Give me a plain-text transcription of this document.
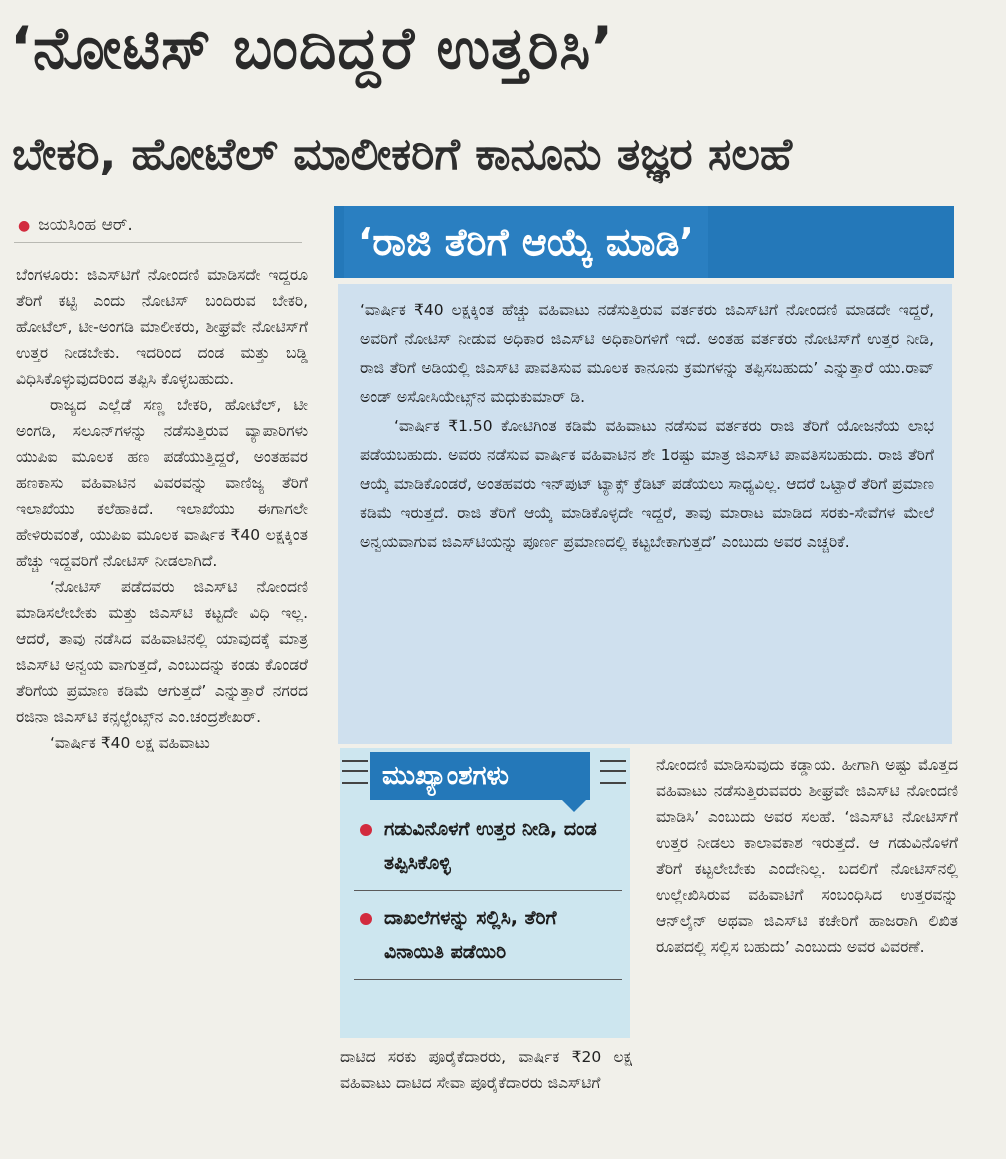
‘ನೋಟಿಸ್ ಬಂದಿದ್ದರೆ ಉತ್ತರಿಸಿ’
ಬೇಕರಿ, ಹೋಟೆಲ್ ಮಾಲೀಕರಿಗೆ ಕಾನೂನು ತಜ್ಞರ ಸಲಹೆ
● ಜಯಸಿಂಹ ಆರ್.

ಬೆಂಗಳೂರು: ಜಿಎಸ್‌ಟಿಗೆ ನೋಂದಣಿ ಮಾಡಿಸದೇ ಇದ್ದರೂ ತೆರಿಗೆ ಕಟ್ಟಿ ಎಂದು ನೋಟಿಸ್ ಬಂದಿರುವ ಬೇಕರಿ, ಹೋಟೆಲ್, ಟೀ-ಅಂಗಡಿ ಮಾಲೀಕರು, ಶೀಘ್ರವೇ ನೋಟಿಸ್‌ಗೆ ಉತ್ತರ ನೀಡಬೇಕು. ಇದರಿಂದ ದಂಡ ಮತ್ತು ಬಡ್ಡಿ ವಿಧಿಸಿಕೊಳ್ಳುವುದರಿಂದ ತಪ್ಪಿಸಿ ಕೊಳ್ಳಬಹುದು.

ರಾಜ್ಯದ ಎಲ್ಲೆಡೆ ಸಣ್ಣ ಬೇಕರಿ, ಹೋಟೆಲ್, ಟೀ ಅಂಗಡಿ, ಸಲೂನ್‌ಗಳನ್ನು ನಡೆಸುತ್ತಿರುವ ವ್ಯಾಪಾರಿಗಳು ಯುಪಿಐ ಮೂಲಕ ಹಣ ಪಡೆಯುತ್ತಿದ್ದರೆ, ಅಂತಹವರ ಹಣಕಾಸು ವಹಿವಾಟಿನ ವಿವರವನ್ನು ವಾಣಿಜ್ಯ ತೆರಿಗೆ ಇಲಾಖೆಯು ಕಲೆಹಾಕಿದೆ. ಇಲಾಖೆಯು ಈಗಾಗಲೇ ಹೇಳಿರುವಂತೆ, ಯುಪಿಐ ಮೂಲಕ ವಾರ್ಷಿಕ ₹40 ಲಕ್ಷಕ್ಕಿಂತ ಹೆಚ್ಚು ಇದ್ದವರಿಗೆ ನೋಟಿಸ್ ನೀಡಲಾಗಿದೆ.

‘ನೋಟಿಸ್ ಪಡೆದವರು ಜಿಎಸ್‌ಟಿ ನೋಂದಣಿ ಮಾಡಿಸಲೇಬೇಕು ಮತ್ತು ಜಿಎಸ್‌ಟಿ ಕಟ್ಟದೇ ವಿಧಿ ಇಲ್ಲ. ಆದರೆ, ತಾವು ನಡೆಸಿದ ವಹಿವಾಟಿನಲ್ಲಿ ಯಾವುದಕ್ಕೆ ಮಾತ್ರ ಜಿಎಸ್‌ಟಿ ಅನ್ವಯ ವಾಗುತ್ತದೆ, ಎಂಬುದನ್ನು ಕಂಡು ಕೊಂಡರೆ ತೆರಿಗೆಯ ಪ್ರಮಾಣ ಕಡಿಮೆ ಆಗುತ್ತದೆ’ ಎನ್ನುತ್ತಾರೆ ನಗರದ ರಜಿನಾ ಜಿಎಸ್‌ಟಿ ಕನ್ಸಲ್ಟೆಂಟ್ಸ್‌ನ ಎಂ.ಚಂದ್ರಶೇಖರ್.

‘ವಾರ್ಷಿಕ ₹40 ಲಕ್ಷ ವಹಿವಾಟು

‘ರಾಜಿ ತೆರಿಗೆ ಆಯ್ಕೆ ಮಾಡಿ’

‘ವಾರ್ಷಿಕ ₹40 ಲಕ್ಷಕ್ಕಿಂತ ಹೆಚ್ಚು ವಹಿವಾಟು ನಡೆಸುತ್ತಿರುವ ವರ್ತಕರು ಜಿಎಸ್‌ಟಿಗೆ ನೋಂದಣಿ ಮಾಡದೇ ಇದ್ದರೆ, ಅವರಿಗೆ ನೋಟಿಸ್ ನೀಡುವ ಅಧಿಕಾರ ಜಿಎಸ್‌ಟಿ ಅಧಿಕಾರಿಗಳಿಗೆ ಇದೆ. ಅಂತಹ ವರ್ತಕರು ನೋಟಿಸ್‌ಗೆ ಉತ್ತರ ನೀಡಿ, ರಾಜಿ ತೆರಿಗೆ ಅಡಿಯಲ್ಲಿ ಜಿಎಸ್‌ಟಿ ಪಾವತಿಸುವ ಮೂಲಕ ಕಾನೂನು ಕ್ರಮಗಳನ್ನು ತಪ್ಪಿಸಬಹುದು’ ಎನ್ನುತ್ತಾರೆ ಯು.ರಾವ್ ಅಂಡ್ ಅಸೋಸಿಯೇಟ್ಸ್‌ನ ಮಧುಕುಮಾರ್ ಡಿ.

‘ವಾರ್ಷಿಕ ₹1.50 ಕೋಟಿಗಿಂತ ಕಡಿಮೆ ವಹಿವಾಟು ನಡೆಸುವ ವರ್ತಕರು ರಾಜಿ ತೆರಿಗೆ ಯೋಜನೆಯ ಲಾಭ ಪಡೆಯಬಹುದು. ಅವರು ನಡೆಸುವ ವಾರ್ಷಿಕ ವಹಿವಾಟಿನ ಶೇ 1ರಷ್ಟು ಮಾತ್ರ ಜಿಎಸ್‌ಟಿ ಪಾವತಿಸಬಹುದು. ರಾಜಿ ತೆರಿಗೆ ಆಯ್ಕೆ ಮಾಡಿಕೊಂಡರೆ, ಅಂತಹವರು ಇನ್‌ಪುಟ್ ಟ್ಯಾಕ್ಸ್ ಕ್ರೆಡಿಟ್ ಪಡೆಯಲು ಸಾಧ್ಯವಿಲ್ಲ. ಆದರೆ ಒಟ್ಟಾರೆ ತೆರಿಗೆ ಪ್ರಮಾಣ ಕಡಿಮೆ ಇರುತ್ತದೆ. ರಾಜಿ ತೆರಿಗೆ ಆಯ್ಕೆ ಮಾಡಿಕೊಳ್ಳದೇ ಇದ್ದರೆ, ತಾವು ಮಾರಾಟ ಮಾಡಿದ ಸರಕು-ಸೇವೆಗಳ ಮೇಲೆ ಅನ್ವಯವಾಗುವ ಜಿಎಸ್‌ಟಿಯನ್ನು ಪೂರ್ಣ ಪ್ರಮಾಣದಲ್ಲಿ ಕಟ್ಟಬೇಕಾಗುತ್ತದೆ’ ಎಂಬುದು ಅವರ ಎಚ್ಚರಿಕೆ.

ಮುಖ್ಯಾಂಶಗಳು
ಗಡುವಿನೊಳಗೆ ಉತ್ತರ ನೀಡಿ, ದಂಡ ತಪ್ಪಿಸಿಕೊಳ್ಳಿ
ದಾಖಲೆಗಳನ್ನು ಸಲ್ಲಿಸಿ, ತೆರಿಗೆ ವಿನಾಯಿತಿ ಪಡೆಯಿರಿ

ದಾಟಿದ ಸರಕು ಪೂರೈಕೆದಾರರು, ವಾರ್ಷಿಕ ₹20 ಲಕ್ಷ ವಹಿವಾಟು ದಾಟಿದ ಸೇವಾ ಪೂರೈಕೆದಾರರು ಜಿಎಸ್‌ಟಿಗೆ

ನೋಂದಣಿ ಮಾಡಿಸುವುದು ಕಡ್ಡಾಯ. ಹೀಗಾಗಿ ಅಷ್ಟು ಮೊತ್ತದ ವಹಿವಾಟು ನಡೆಸುತ್ತಿರುವವರು ಶೀಘ್ರವೇ ಜಿಎಸ್‌ಟಿ ನೋಂದಣಿ ಮಾಡಿಸಿ’ ಎಂಬುದು ಅವರ ಸಲಹೆ. ‘ಜಿಎಸ್‌ಟಿ ನೋಟಿಸ್‌ಗೆ ಉತ್ತರ ನೀಡಲು ಕಾಲಾವಕಾಶ ಇರುತ್ತದೆ. ಆ ಗಡುವಿನೊಳಗೆ ತೆರಿಗೆ ಕಟ್ಟಲೇಬೇಕು ಎಂದೇನಿಲ್ಲ. ಬದಲಿಗೆ ನೋಟಿಸ್‌ನಲ್ಲಿ ಉಲ್ಲೇಖಿಸಿರುವ ವಹಿವಾಟಿಗೆ ಸಂಬಂಧಿಸಿದ ಉತ್ತರವನ್ನು ಆನ್‌ಲೈನ್ ಅಥವಾ ಜಿಎಸ್‌ಟಿ ಕಚೇರಿಗೆ ಹಾಜರಾಗಿ ಲಿಖಿತ ರೂಪದಲ್ಲಿ ಸಲ್ಲಿಸ ಬಹುದು’ ಎಂಬುದು ಅವರ ವಿವರಣೆ.
